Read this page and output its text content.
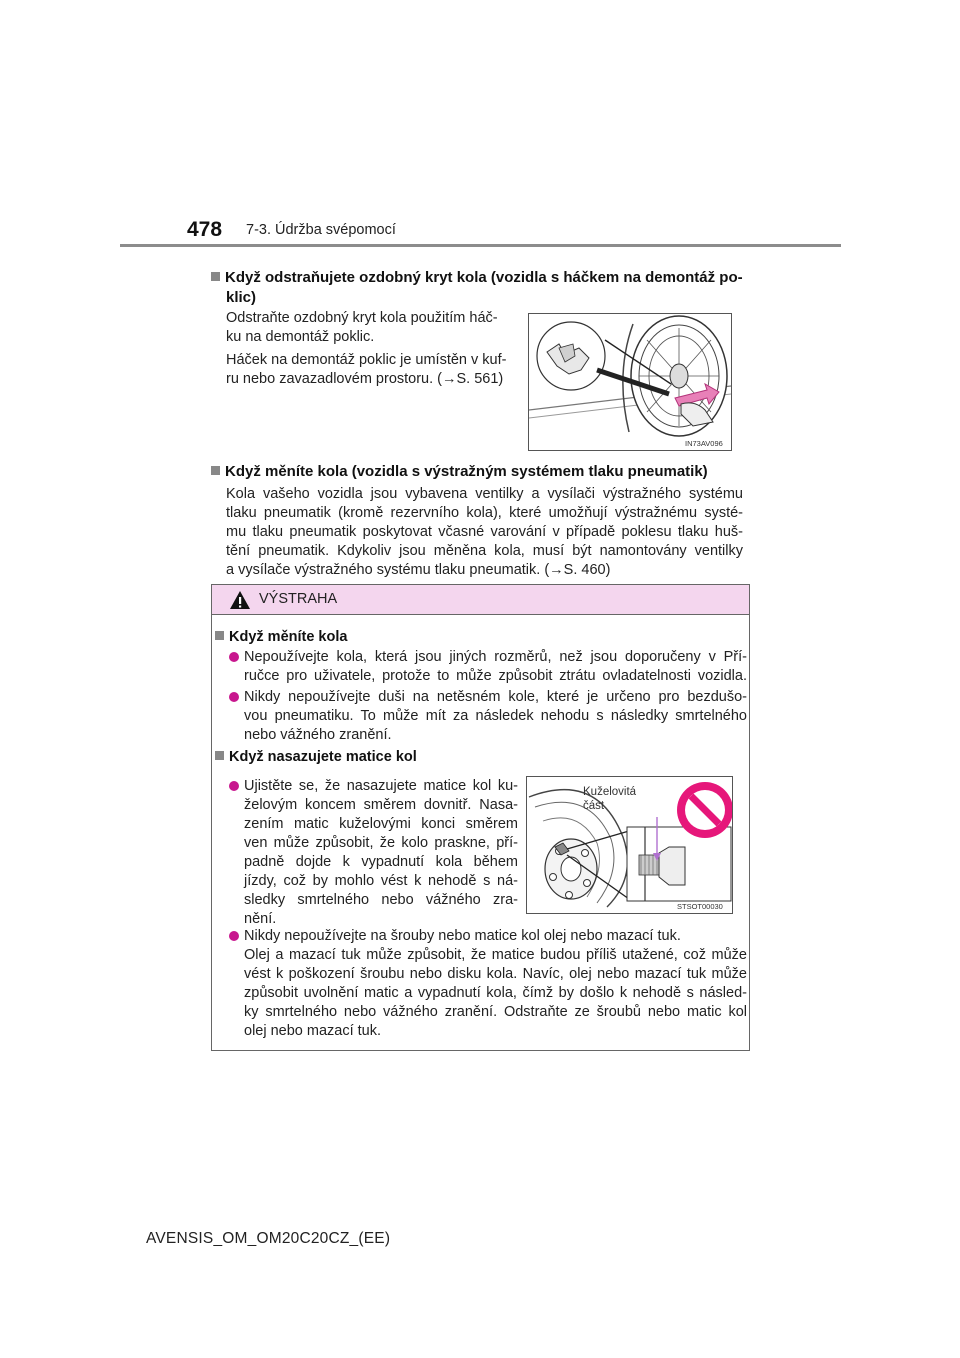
478 7-3. Údržba svépomocí
Když odstraňujete ozdobný kryt kola (vozidla s háčkem na demontáž po-
klic)
Odstraňte ozdobný kryt kola použitím háč-
ku na demontáž poklic.
Háček na demontáž poklic je umístěn v kuf-
ru nebo zavazadlovém prostoru. (→S. 561)
IN73AV096
Když měníte kola (vozidla s výstražným systémem tlaku pneumatik)
Kola vašeho vozidla jsou vybavena ventilky a vysílači výstražného systému
tlaku pneumatik (kromě rezervního kola), které umožňují výstražnému systé-
mu tlaku pneumatik poskytovat včasné varování v případě poklesu tlaku huš-
tění pneumatik. Kdykoliv jsou měněna kola, musí být namontovány ventilky
a vysílače výstražného systému tlaku pneumatik. (→S. 460)
VÝSTRAHA
Když měníte kola
Nepoužívejte kola, která jsou jiných rozměrů, než jsou doporučeny v Pří-
ručce pro uživatele, protože to může způsobit ztrátu ovladatelnosti vozidla.
Nikdy nepoužívejte duši na netěsném kole, které je určeno pro bezdušo-
vou pneumatiku. To může mít za následek nehodu s následky smrtelného
nebo vážného zranění.
Když nasazujete matice kol
Ujistěte se, že nasazujete matice kol ku-
želovým koncem směrem dovnitř. Nasa-
zením matic kuželovými konci směrem
ven může způsobit, že kolo praskne, pří-
padně dojde k vypadnutí kola během
jízdy, což by mohlo vést k nehodě s ná-
sledky smrtelného nebo vážného zra-
nění.
Kuželovitá
část
STSOT00030
Nikdy nepoužívejte na šrouby nebo matice kol olej nebo mazací tuk.
Olej a mazací tuk může způsobit, že matice budou příliš utažené, což může
vést k poškození šroubu nebo disku kola. Navíc, olej nebo mazací tuk může
způsobit uvolnění matic a vypadnutí kola, čímž by došlo k nehodě s násled-
ky smrtelného nebo vážného zranění. Odstraňte ze šroubů nebo matic kol
olej nebo mazací tuk.
AVENSIS_OM_OM20C20CZ_(EE)
